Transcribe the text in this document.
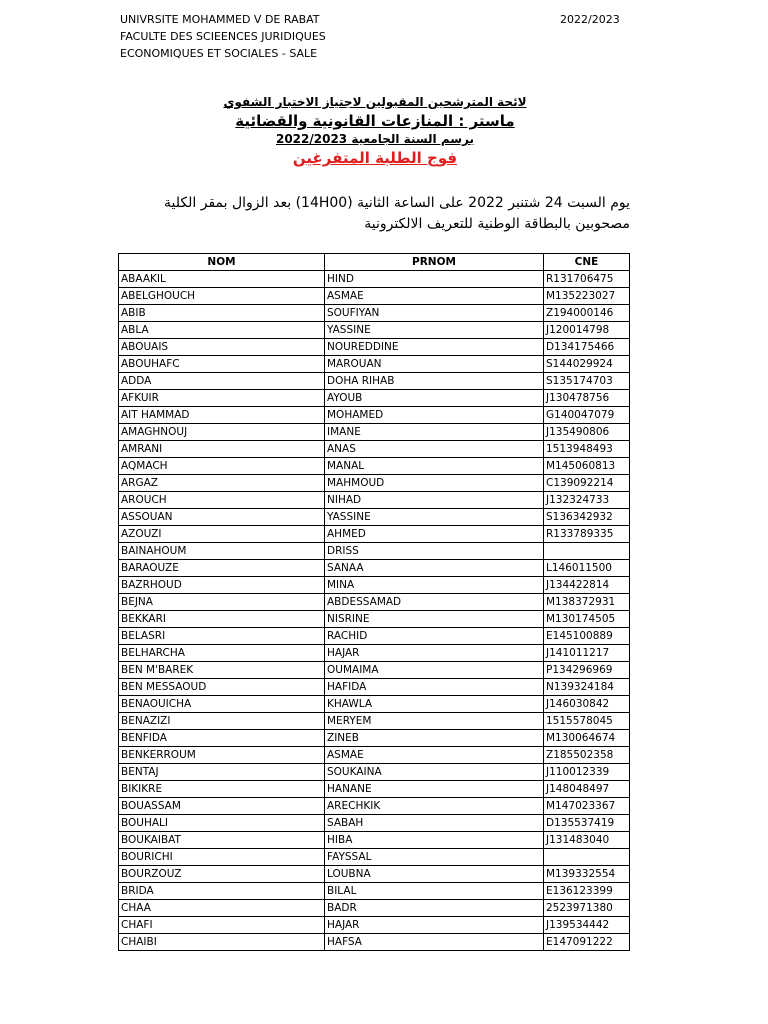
UNIVRSITE MOHAMMED V DE RABAT
FACULTE DES SCIEENCES JURIDIQUES
ECONOMIQUES ET SOCIALES - SALE
2022/2023
لائحة المترشحين المقبولين لاجتياز الاختبار الشفوي
ماستر : المنازعات القانونية والقضائية
برسم السنة الجامعية 2022/2023
فوج الطلبة المتفرغين
يوم السبت 24 شتنبر 2022 على الساعة الثانية (14H00) بعد الزوال بمقر الكلية
مصحوبين بالبطاقة الوطنية للتعريف الالكترونية
NOM	PRNOM	CNE
ABAAKIL	HIND	R131706475
ABELGHOUCH	ASMAE	M135223027
ABIB	SOUFIYAN	Z194000146
ABLA	YASSINE	J120014798
ABOUAIS	NOUREDDINE	D134175466
ABOUHAFC	MAROUAN	S144029924
ADDA	DOHA RIHAB	S135174703
AFKUIR	AYOUB	J130478756
AIT HAMMAD	MOHAMED	G140047079
AMAGHNOUJ	IMANE	J135490806
AMRANI	ANAS	1513948493
AQMACH	MANAL	M145060813
ARGAZ	MAHMOUD	C139092214
AROUCH	NIHAD	J132324733
ASSOUAN	YASSINE	S136342932
AZOUZI	AHMED	R133789335
BAINAHOUM	DRISS	
BARAOUZE	SANAA	L146011500
BAZRHOUD	MINA	J134422814
BEJNA	ABDESSAMAD	M138372931
BEKKARI	NISRINE	M130174505
BELASRI	RACHID	E145100889
BELHARCHA	HAJAR	J141011217
BEN M'BAREK	OUMAIMA	P134296969
BEN MESSAOUD	HAFIDA	N139324184
BENAOUICHA	KHAWLA	J146030842
BENAZIZI	MERYEM	1515578045
BENFIDA	ZINEB	M130064674
BENKERROUM	ASMAE	Z185502358
BENTAJ	SOUKAINA	J110012339
BIKIKRE	HANANE	J148048497
BOUASSAM	ARECHKIK	M147023367
BOUHALI	SABAH	D135537419
BOUKAIBAT	HIBA	J131483040
BOURICHI	FAYSSAL	
BOURZOUZ	LOUBNA	M139332554
BRIDA	BILAL	E136123399
CHAA	BADR	2523971380
CHAFI	HAJAR	J139534442
CHAIBI	HAFSA	E147091222
